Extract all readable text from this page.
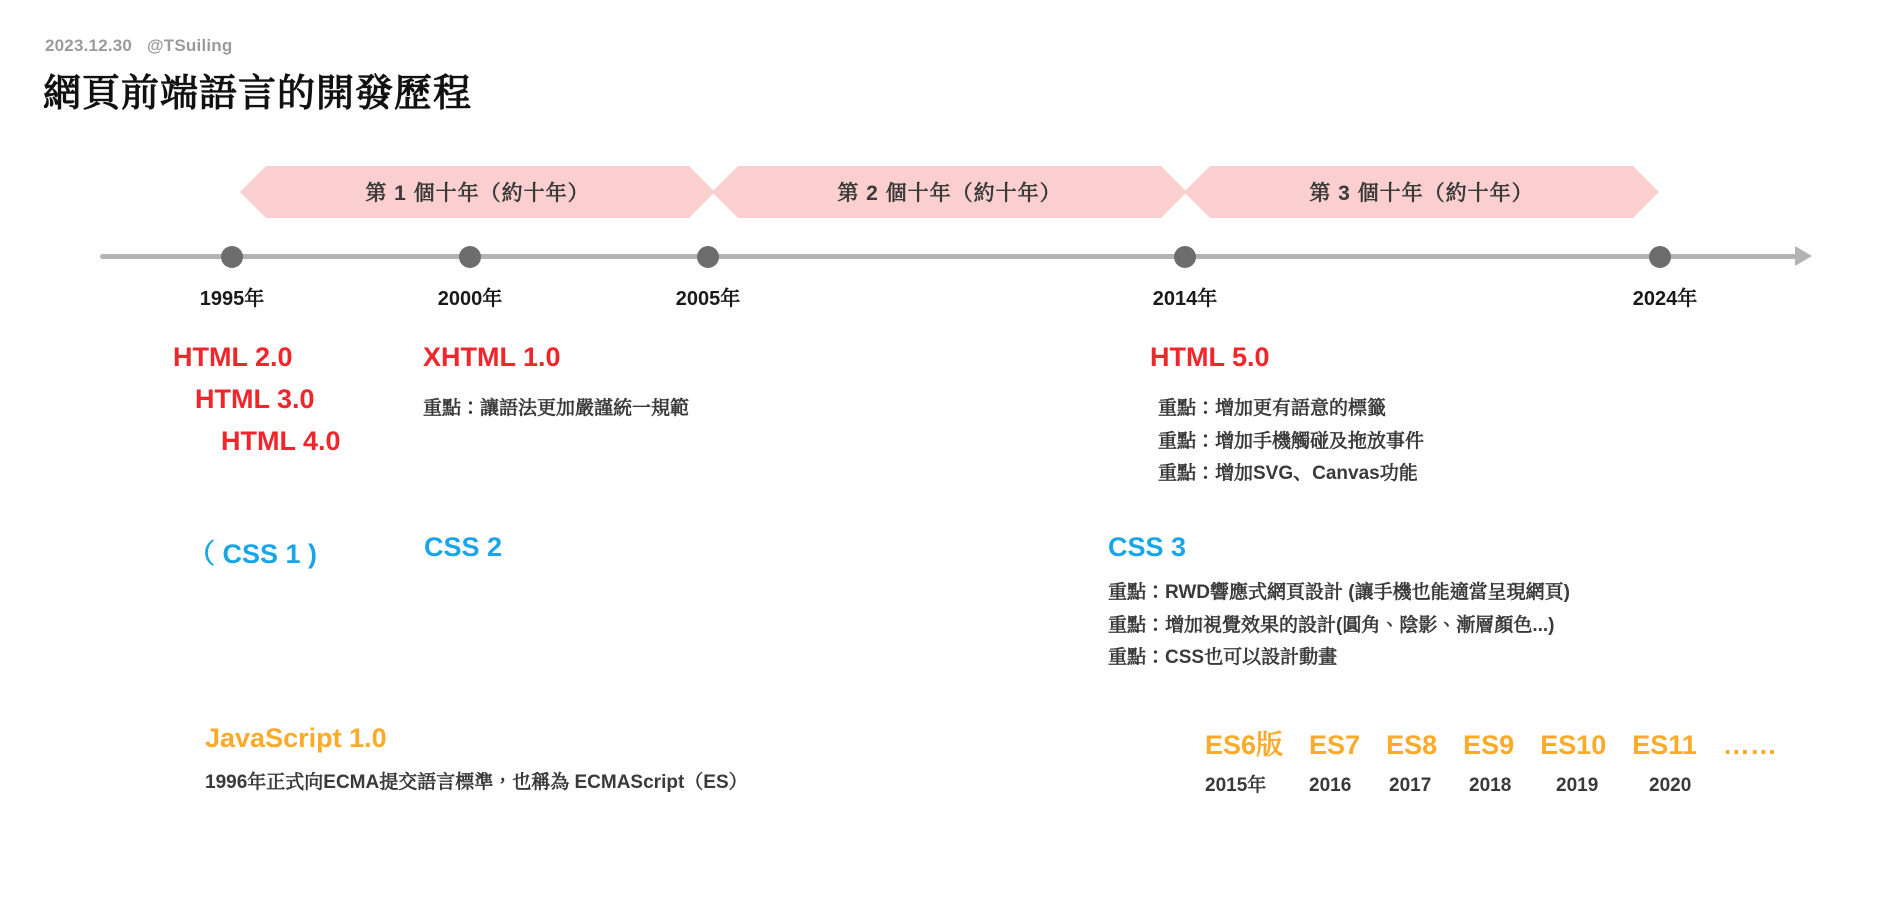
2023.12.30 @TSuiling
網頁前端語言的開發歷程
第 1 個十年（約十年）	第 2 個十年（約十年）	第 3 個十年（約十年）
1995年	2000年	2005年	2014年	2024年
HTML 2.0
HTML 3.0
HTML 4.0
XHTML 1.0
重點：讓語法更加嚴謹統一規範
HTML 5.0
重點：增加更有語意的標籤
重點：增加手機觸碰及拖放事件
重點：增加SVG、Canvas功能
（ CSS 1 )	CSS 2	CSS 3
重點：RWD響應式網頁設計 (讓手機也能適當呈現網頁)
重點：增加視覺效果的設計(圓角、陰影、漸層顏色...)
重點：CSS也可以設計動畫
JavaScript 1.0
1996年正式向ECMA提交語言標準，也稱為 ECMAScript（ES）
ES6版 ES7 ES8 ES9 ES10 ES11 ……
2015年	2016	2017	2018	2019	2020
